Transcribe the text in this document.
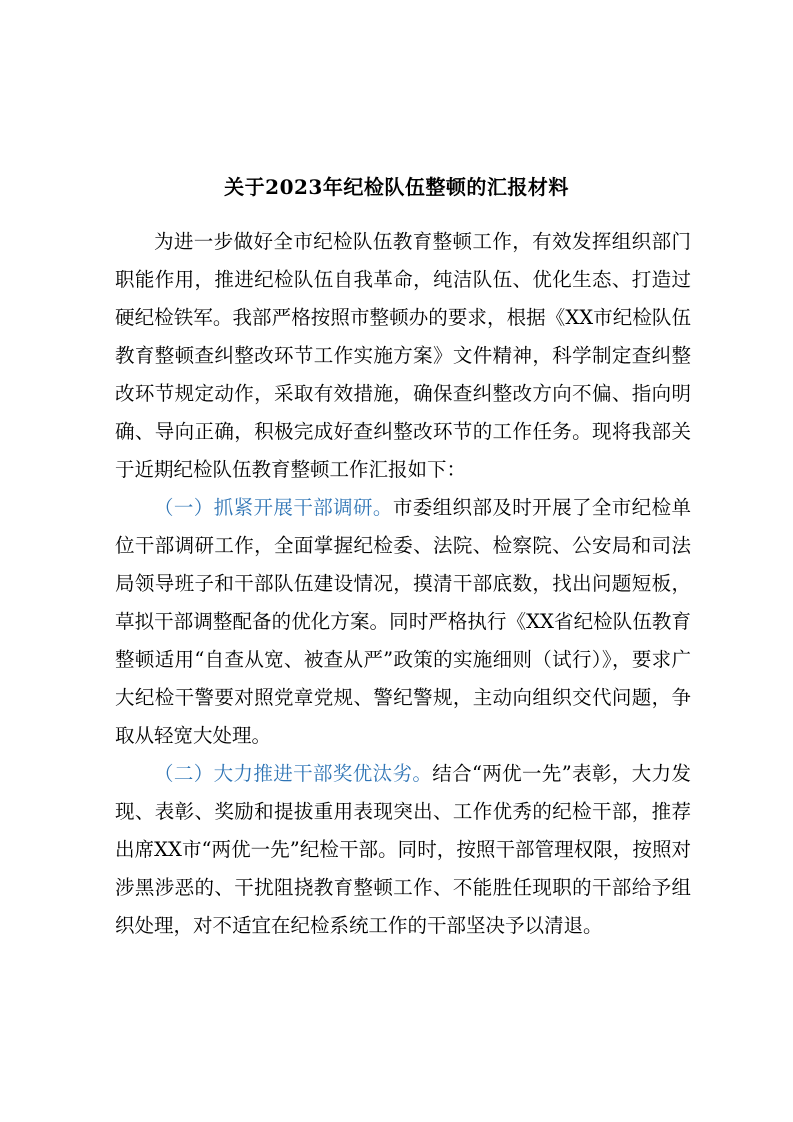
关于2023年纪检队伍整顿的汇报材料

为进一步做好全市纪检队伍教育整顿工作，有效发挥组织部门职能作用，推进纪检队伍自我革命，纯洁队伍、优化生态、打造过硬纪检铁军。我部严格按照市整顿办的要求，根据《XX市纪检队伍教育整顿查纠整改环节工作实施方案》文件精神，科学制定查纠整改环节规定动作，采取有效措施，确保查纠整改方向不偏、指向明确、导向正确，积极完成好查纠整改环节的工作任务。现将我部关于近期纪检队伍教育整顿工作汇报如下：

（一）抓紧开展干部调研。市委组织部及时开展了全市纪检单位干部调研工作，全面掌握纪检委、法院、检察院、公安局和司法局领导班子和干部队伍建设情况，摸清干部底数，找出问题短板，草拟干部调整配备的优化方案。同时严格执行《XX省纪检队伍教育整顿适用“自查从宽、被查从严”政策的实施细则（试行）》，要求广大纪检干警要对照党章党规、警纪警规，主动向组织交代问题，争取从轻宽大处理。

（二）大力推进干部奖优汰劣。结合“两优一先”表彰，大力发现、表彰、奖励和提拔重用表现突出、工作优秀的纪检干部，推荐出席XX市“两优一先”纪检干部。同时，按照干部管理权限，按照对涉黑涉恶的、干扰阻挠教育整顿工作、不能胜任现职的干部给予组织处理，对不适宜在纪检系统工作的干部坚决予以清退。
